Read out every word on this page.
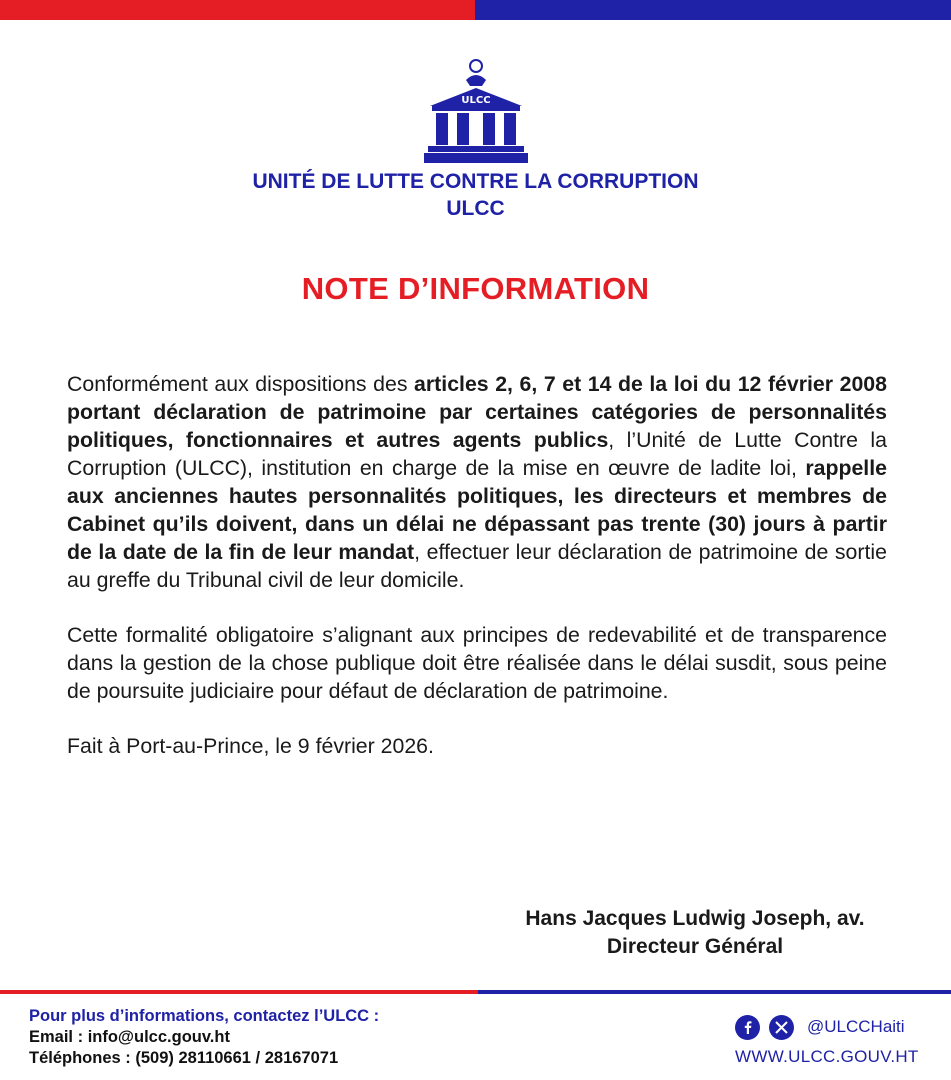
ULCC
UNITÉ DE LUTTE CONTRE LA CORRUPTION
ULCC
NOTE D’INFORMATION

Conformément aux dispositions des articles 2, 6, 7 et 14 de la loi du 12 février 2008 portant déclaration de patrimoine par certaines catégories de personnalités politiques, fonctionnaires et autres agents publics, l’Unité de Lutte Contre la Corruption (ULCC), institution en charge de la mise en œuvre de ladite loi, rappelle aux anciennes hautes personnalités politiques, les directeurs et membres de Cabinet qu’ils doivent, dans un délai ne dépassant pas trente (30) jours à partir de la date de la fin de leur mandat, effectuer leur déclaration de patrimoine de sortie au greffe du Tribunal civil de leur domicile.

Cette formalité obligatoire s’alignant aux principes de redevabilité et de transparence dans la gestion de la chose publique doit être réalisée dans le délai susdit, sous peine de poursuite judiciaire pour défaut de déclaration de patrimoine.

Fait à Port-au-Prince, le 9 février 2026.

Hans Jacques Ludwig Joseph, av.
Directeur Général
Pour plus d’informations, contactez l’ULCC :
Email : info@ulcc.gouv.ht
Téléphones : (509) 28110661 / 28167071
@ULCCHaiti
WWW.ULCC.GOUV.HT
